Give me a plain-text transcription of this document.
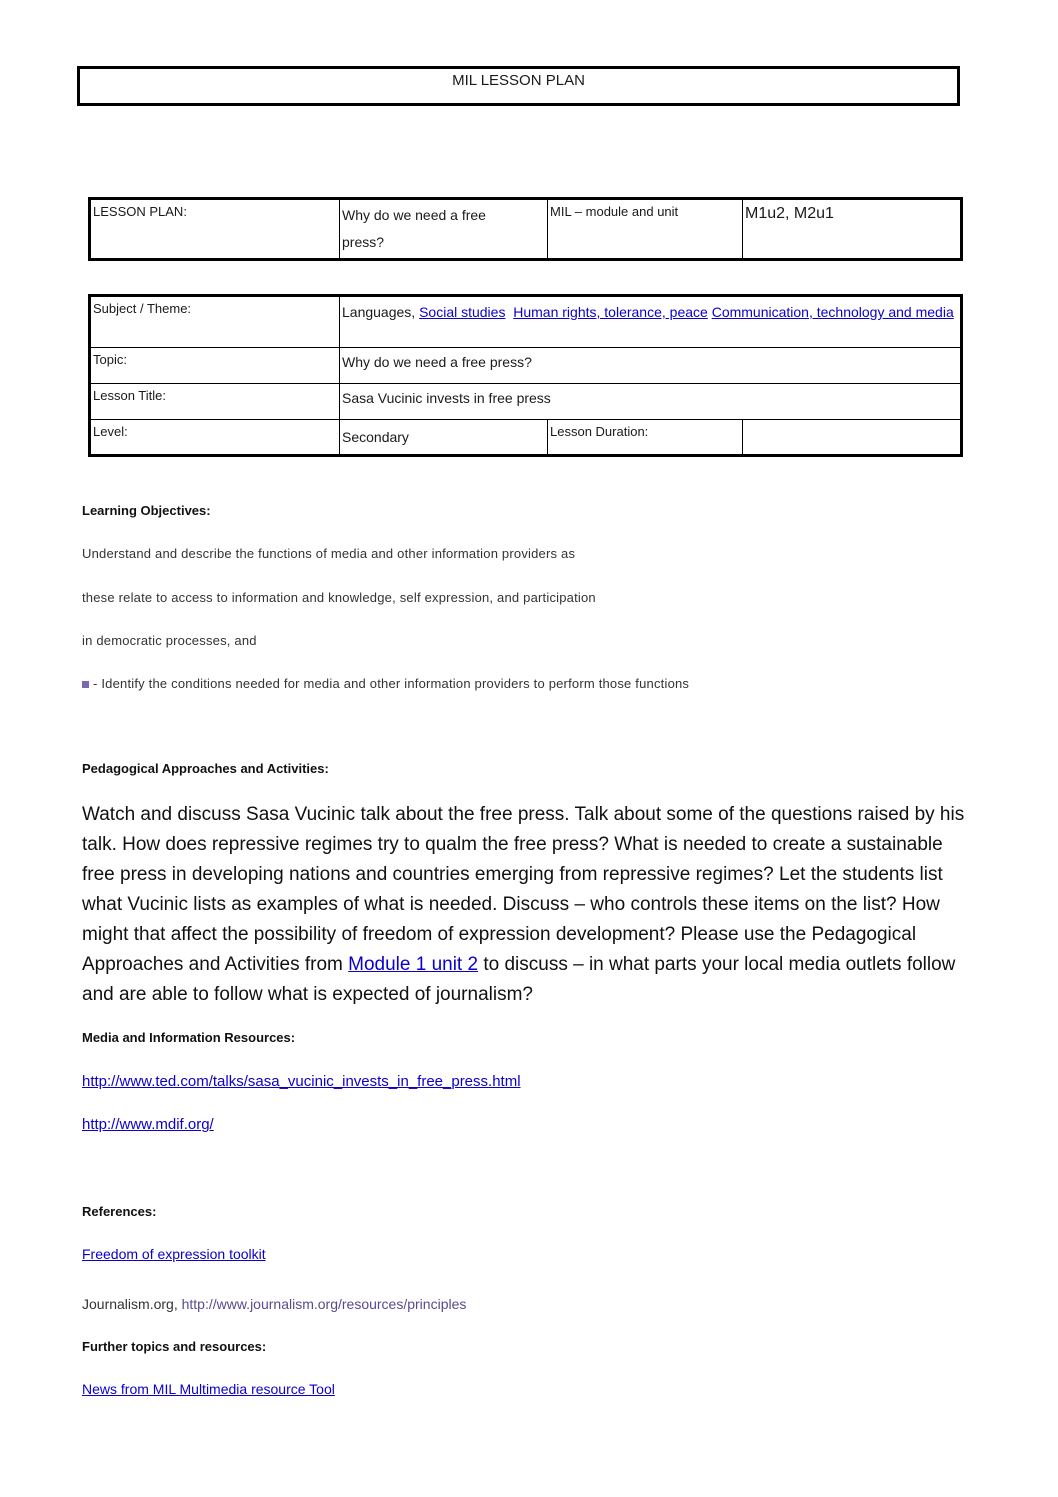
MIL LESSON PLAN
LESSON PLAN:	Why do we need a free press?	MIL – module and unit	M1u2, M2u1
Subject / Theme:	Languages, Social studies Human rights, tolerance, peace Communication, technology and media		
Topic:	Why do we need a free press?		
Lesson Title:	Sasa Vucinic invests in free press		
Level:	Secondary	Lesson Duration:	
Learning Objectives:
Understand and describe the functions of media and other information providers as
these relate to access to information and knowledge, self expression, and participation
in democratic processes, and
- Identify the conditions needed for media and other information providers to perform those functions
Pedagogical Approaches and Activities:
Watch and discuss Sasa Vucinic talk about the free press. Talk about some of the questions raised by his talk. How does repressive regimes try to qualm the free press? What is needed to create a sustainable free press in developing nations and countries emerging from repressive regimes? Let the students list what Vucinic lists as examples of what is needed. Discuss – who controls these items on the list? How might that affect the possibility of freedom of expression development? Please use the Pedagogical Approaches and Activities from Module 1 unit 2 to discuss – in what parts your local media outlets follow and are able to follow what is expected of journalism?
Media and Information Resources:
http://www.ted.com/talks/sasa_vucinic_invests_in_free_press.html
http://www.mdif.org/
References:
Freedom of expression toolkit
Journalism.org, http://www.journalism.org/resources/principles
Further topics and resources:
News from MIL Multimedia resource Tool
